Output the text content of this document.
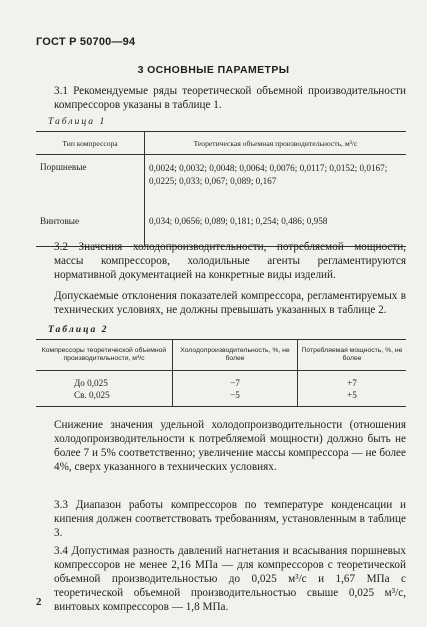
ГОСТ Р 50700—94
3 ОСНОВНЫЕ ПАРАМЕТРЫ
3.1 Рекомендуемые ряды теоретической объемной производительности компрессоров указаны в таблице 1.
Таблица 1
Тип компрессора	Теоретическая объемная производительность, м³/с
Поршневые	0,0024; 0,0032; 0,0048; 0,0064; 0,0076; 0,0117; 0,0152; 0,0167; 0,0225; 0,033; 0,067; 0,089; 0,167
Винтовые	0,034; 0,0656; 0,089; 0,181; 0,254; 0,486; 0,958
3.2 Значения холодопроизводительности, потребляемой мощности, массы компрессоров, холодильные агенты регламентируются нормативной документацией на конкретные виды изделий.
Допускаемые отклонения показателей компрессора, регламентируемых в технических условиях, не должны превышать указанных в таблице 2.
Таблица 2
Компрессоры теоретической объемной производительности, м³/с	Холодопроизводительность, %, не более	Потребляемая мощность, %, не более
До 0,025	−7	+7
Св. 0,025	−5	+5
Снижение значения удельной холодопроизводительности (отношения холодопроизводительности к потребляемой мощности) должно быть не более 7 и 5% соответственно; увеличение массы компрессора — не более 4%, сверх указанного в технических условиях.
3.3 Диапазон работы компрессоров по температуре конденсации и кипения должен соответствовать требованиям, установленным в таблице 3.
3.4 Допустимая разность давлений нагнетания и всасывания поршневых компрессоров не менее 2,16 МПа — для компрессоров с теоретической объемной производительностью до 0,025 м³/с и 1,67 МПа с теоретической объемной производительностью свыше 0,025 м³/с, винтовых компрессоров — 1,8 МПа.
2
